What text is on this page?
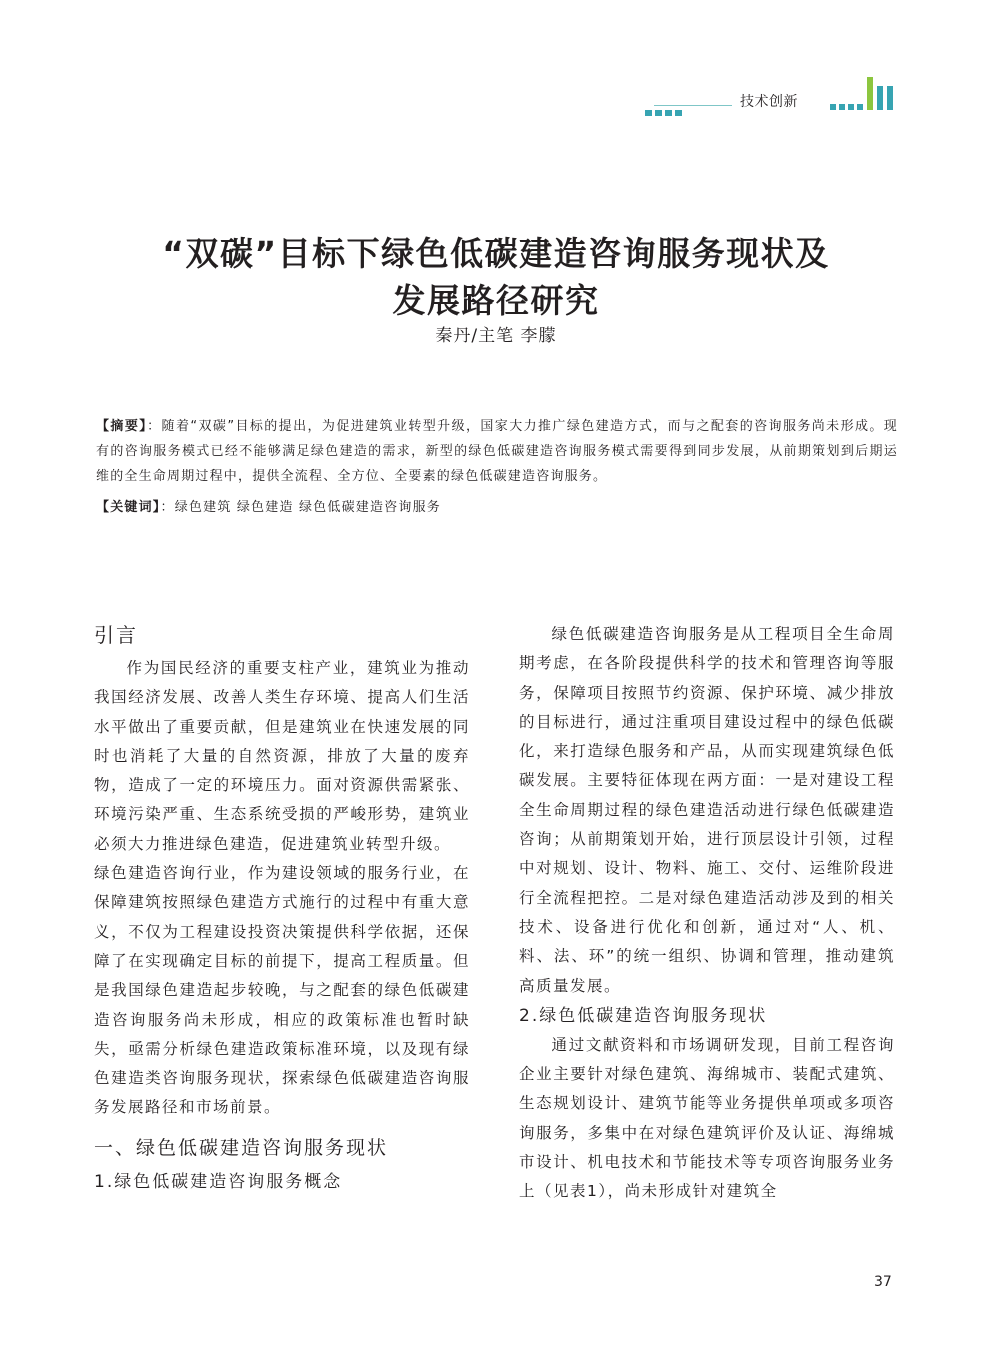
技术创新
“双碳”目标下绿色低碳建造咨询服务现状及
发展路径研究
秦丹/主笔 李朦
【摘要】：随着“双碳”目标的提出，为促进建筑业转型升级，国家大力推广绿色建造方式，而与之配套的咨询服务尚未形成。现有的咨询服务模式已经不能够满足绿色建造的需求，新型的绿色低碳建造咨询服务模式需要得到同步发展，从前期策划到后期运维的全生命周期过程中，提供全流程、全方位、全要素的绿色低碳建造咨询服务。
【关键词】：绿色建筑 绿色建造 绿色低碳建造咨询服务
引言

作为国民经济的重要支柱产业，建筑业为推动我国经济发展、改善人类生存环境、提高人们生活水平做出了重要贡献，但是建筑业在快速发展的同时也消耗了大量的自然资源，排放了大量的废弃物，造成了一定的环境压力。面对资源供需紧张、环境污染严重、生态系统受损的严峻形势，建筑业必须大力推进绿色建造，促进建筑业转型升级。

绿色建造咨询行业，作为建设领域的服务行业，在保障建筑按照绿色建造方式施行的过程中有重大意义，不仅为工程建设投资决策提供科学依据，还保障了在实现确定目标的前提下，提高工程质量。但是我国绿色建造起步较晚，与之配套的绿色低碳建造咨询服务尚未形成，相应的政策标准也暂时缺失，亟需分析绿色建造政策标准环境，以及现有绿色建造类咨询服务现状，探索绿色低碳建造咨询服务发展路径和市场前景。

一、绿色低碳建造咨询服务现状
1.绿色低碳建造咨询服务概念

绿色低碳建造咨询服务是从工程项目全生命周期考虑，在各阶段提供科学的技术和管理咨询等服务，保障项目按照节约资源、保护环境、减少排放的目标进行，通过注重项目建设过程中的绿色低碳化，来打造绿色服务和产品，从而实现建筑绿色低碳发展。主要特征体现在两方面：一是对建设工程全生命周期过程的绿色建造活动进行绿色低碳建造咨询；从前期策划开始，进行顶层设计引领，过程中对规划、设计、物料、施工、交付、运维阶段进行全流程把控。二是对绿色建造活动涉及到的相关技术、设备进行优化和创新，通过对“人、机、料、法、环”的统一组织、协调和管理，推动建筑高质量发展。

2.绿色低碳建造咨询服务现状

通过文献资料和市场调研发现，目前工程咨询企业主要针对绿色建筑、海绵城市、装配式建筑、生态规划设计、建筑节能等业务提供单项或多项咨询服务，多集中在对绿色建筑评价及认证、海绵城市设计、机电技术和节能技术等专项咨询服务业务上（见表1），尚未形成针对建筑全

37
